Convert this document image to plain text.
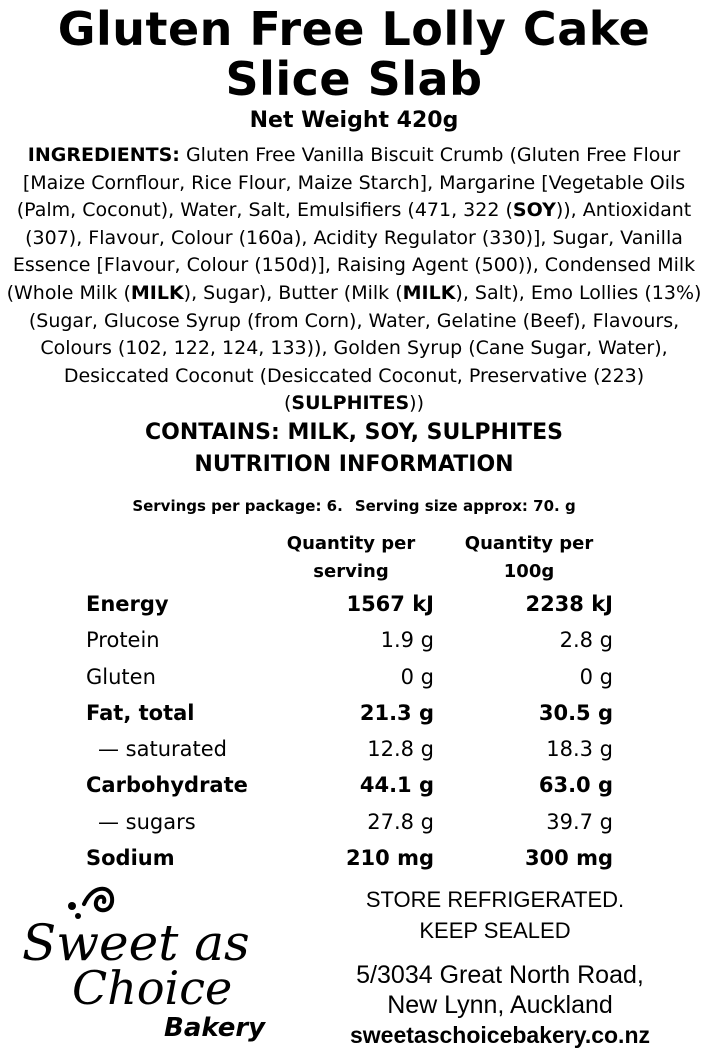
Gluten Free Lolly Cake
Slice Slab
Net Weight 420g
INGREDIENTS: Gluten Free Vanilla Biscuit Crumb (Gluten Free Flour [Maize Cornflour, Rice Flour, Maize Starch], Margarine [Vegetable Oils (Palm, Coconut), Water, Salt, Emulsifiers (471, 322 (SOY)), Antioxidant (307), Flavour, Colour (160a), Acidity Regulator (330)], Sugar, Vanilla Essence [Flavour, Colour (150d)], Raising Agent (500)), Condensed Milk (Whole Milk (MILK), Sugar), Butter (Milk (MILK), Salt), Emo Lollies (13%) (Sugar, Glucose Syrup (from Corn), Water, Gelatine (Beef), Flavours, Colours (102, 122, 124, 133)), Golden Syrup (Cane Sugar, Water), Desiccated Coconut (Desiccated Coconut, Preservative (223) (SULPHITES))
CONTAINS: MILK, SOY, SULPHITES
NUTRITION INFORMATION
Servings per package: 6. Serving size approx: 70. g
Quantity per
serving
Quantity per
100g
Energy	1567 kJ	2238 kJ
Protein	1.9 g	2.8 g
Gluten	0 g	0 g
Fat, total	21.3 g	30.5 g
— saturated	12.8 g	18.3 g
Carbohydrate	44.1 g	63.0 g
— sugars	27.8 g	39.7 g
Sodium	210 mg	300 mg
Sweet as
Choice
Bakery
STORE REFRIGERATED.
KEEP SEALED
5/3034 Great North Road,
New Lynn, Auckland
sweetaschoicebakery.co.nz
